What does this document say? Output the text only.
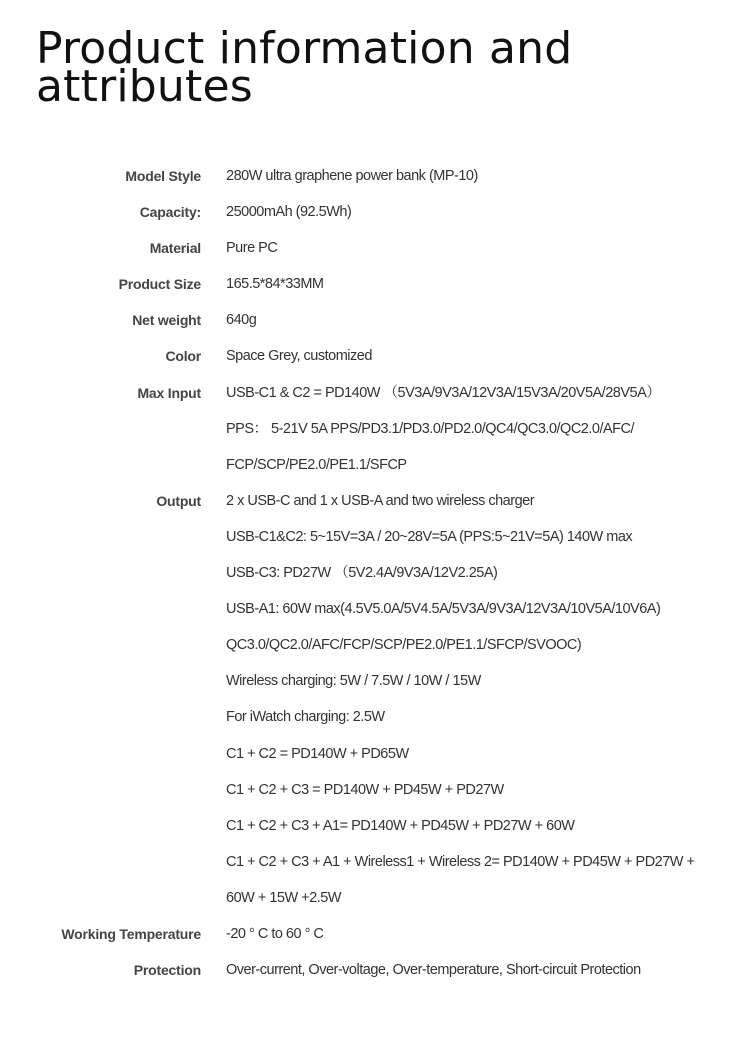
Product information and
attributes
Model Style 280W ultra graphene power bank (MP-10)
Capacity: 25000mAh (92.5Wh)
Material Pure PC
Product Size 165.5*84*33MM
Net weight 640g
Color Space Grey, customized
Max Input USB-C1 & C2 = PD140W （5V3A/9V3A/12V3A/15V3A/20V5A/28V5A）
PPS： 5-21V 5A PPS/PD3.1/PD3.0/PD2.0/QC4/QC3.0/QC2.0/AFC/
FCP/SCP/PE2.0/PE1.1/SFCP
Output 2 x USB-C and 1 x USB-A and two wireless charger
USB-C1&C2: 5~15V=3A / 20~28V=5A (PPS:5~21V=5A) 140W max
USB-C3: PD27W （5V2.4A/9V3A/12V2.25A)
USB-A1: 60W max(4.5V5.0A/5V4.5A/5V3A/9V3A/12V3A/10V5A/10V6A)
QC3.0/QC2.0/AFC/FCP/SCP/PE2.0/PE1.1/SFCP/SVOOC)
Wireless charging: 5W / 7.5W / 10W / 15W
For iWatch charging: 2.5W
C1 + C2 = PD140W + PD65W
C1 + C2 + C3 = PD140W + PD45W + PD27W
C1 + C2 + C3 + A1= PD140W + PD45W + PD27W + 60W
C1 + C2 + C3 + A1 + Wireless1 + Wireless 2= PD140W + PD45W + PD27W +
60W + 15W +2.5W
Working Temperature -20 ° C to 60 ° C
Protection Over-current, Over-voltage, Over-temperature, Short-circuit Protection
